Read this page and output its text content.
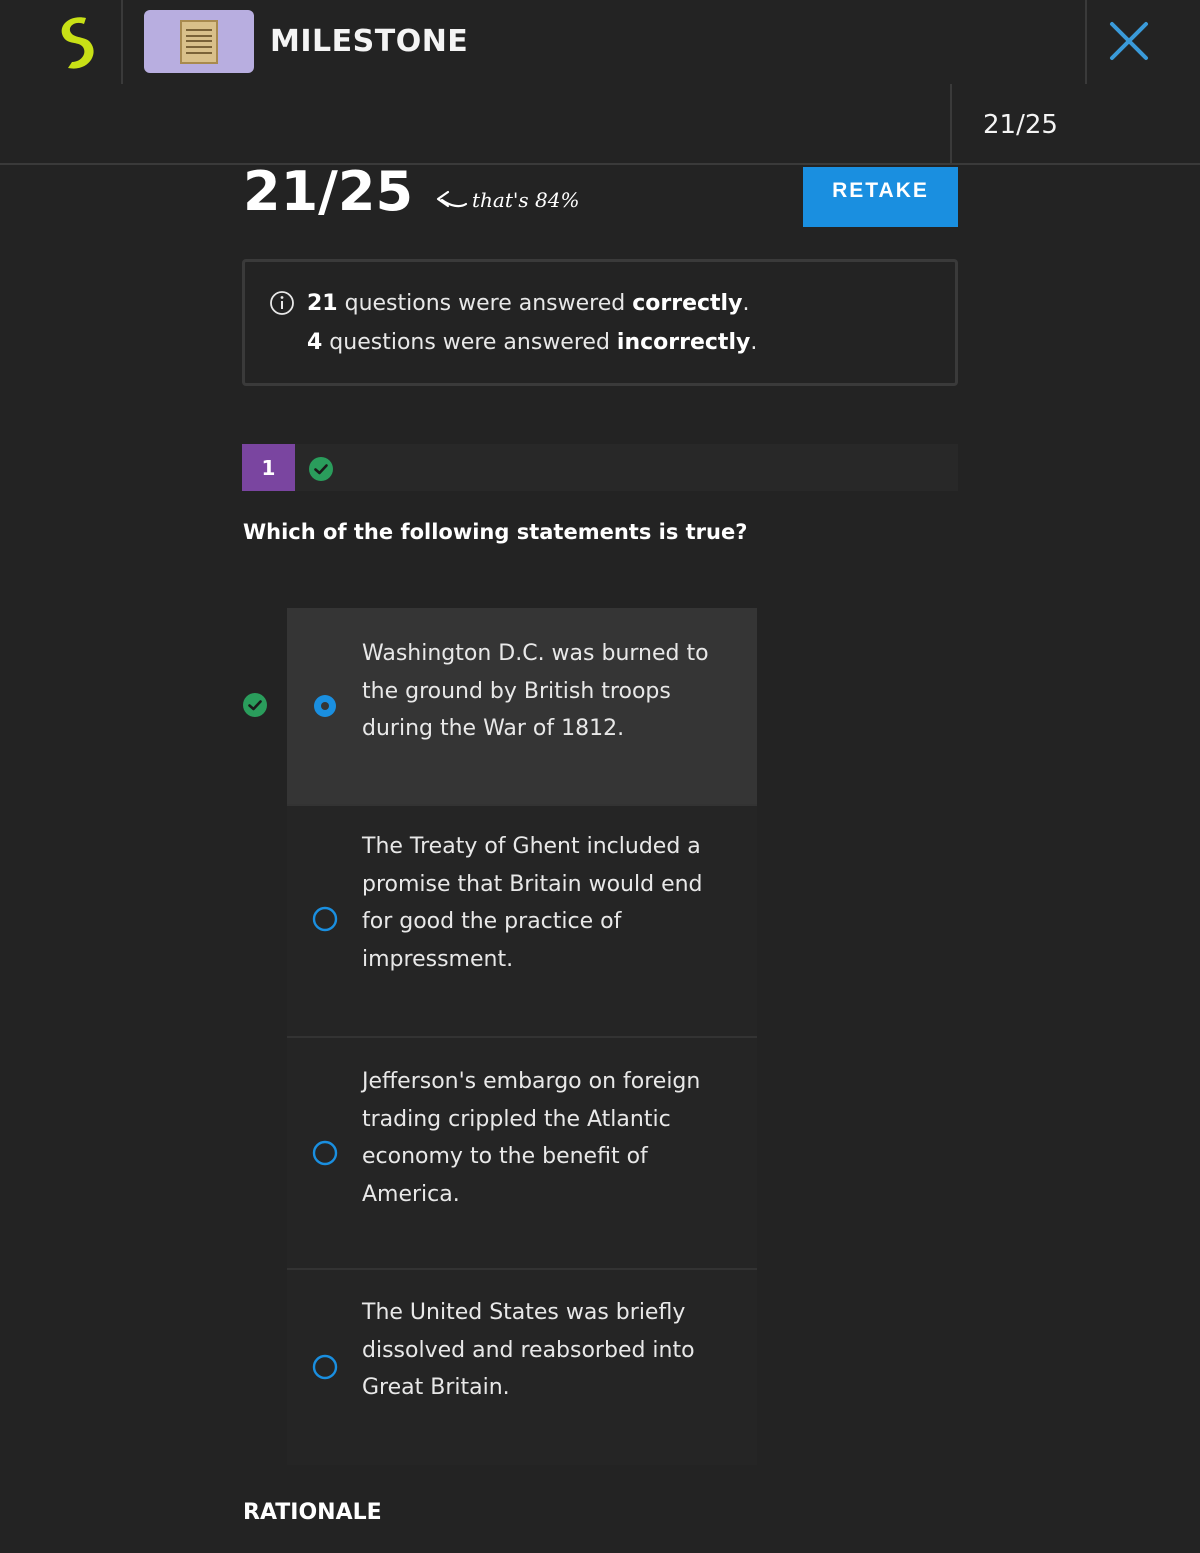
MILESTONE
21/25
21/25	that's 84%	RETAKE
21 questions were answered correctly.
4 questions were answered incorrectly.
1
Which of the following statements is true?
Washington D.C. was burned to the ground by British troops during the War of 1812.
The Treaty of Ghent included a promise that Britain would end for good the practice of impressment.
Jefferson's embargo on foreign trading crippled the Atlantic economy to the benefit of America.
The United States was briefly dissolved and reabsorbed into Great Britain.
RATIONALE
